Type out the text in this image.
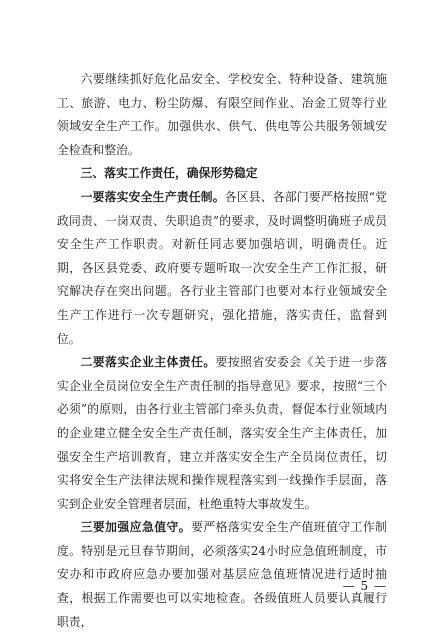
六要继续抓好危化品安全、学校安全、特种设备、建筑施工、旅游、电力、粉尘防爆、有限空间作业、冶金工贸等行业领域安全生产工作。加强供水、供气、供电等公共服务领域安全检查和整治。

三、落实工作责任，确保形势稳定

一要落实安全生产责任制。各区县、各部门要严格按照“党政同责、一岗双责、失职追责”的要求，及时调整明确班子成员安全生产工作职责。对新任同志要加强培训，明确责任。近期，各区县党委、政府要专题听取一次安全生产工作汇报，研究解决存在突出问题。各行业主管部门也要对本行业领域安全生产工作进行一次专题研究，强化措施，落实责任，监督到位。

二要落实企业主体责任。要按照省安委会《关于进一步落实企业全员岗位安全生产责任制的指导意见》要求，按照“三个必须”的原则，由各行业主管部门牵头负责，督促本行业领域内的企业建立健全安全生产责任制，落实安全生产主体责任，加强安全生产培训教育，建立并落实安全生产全员岗位责任，切实将安全生产法律法规和操作规程落实到一线操作手层面，落实到企业安全管理者层面，杜绝重特大事故发生。

三要加强应急值守。要严格落实安全生产值班值守工作制度。特别是元旦春节期间，必须落实24小时应急值班制度，市安办和市政府应急办要加强对基层应急值班情况进行适时抽查，根据工作需要也可以实地检查。各级值班人员要认真履行职责，

— 5 —
